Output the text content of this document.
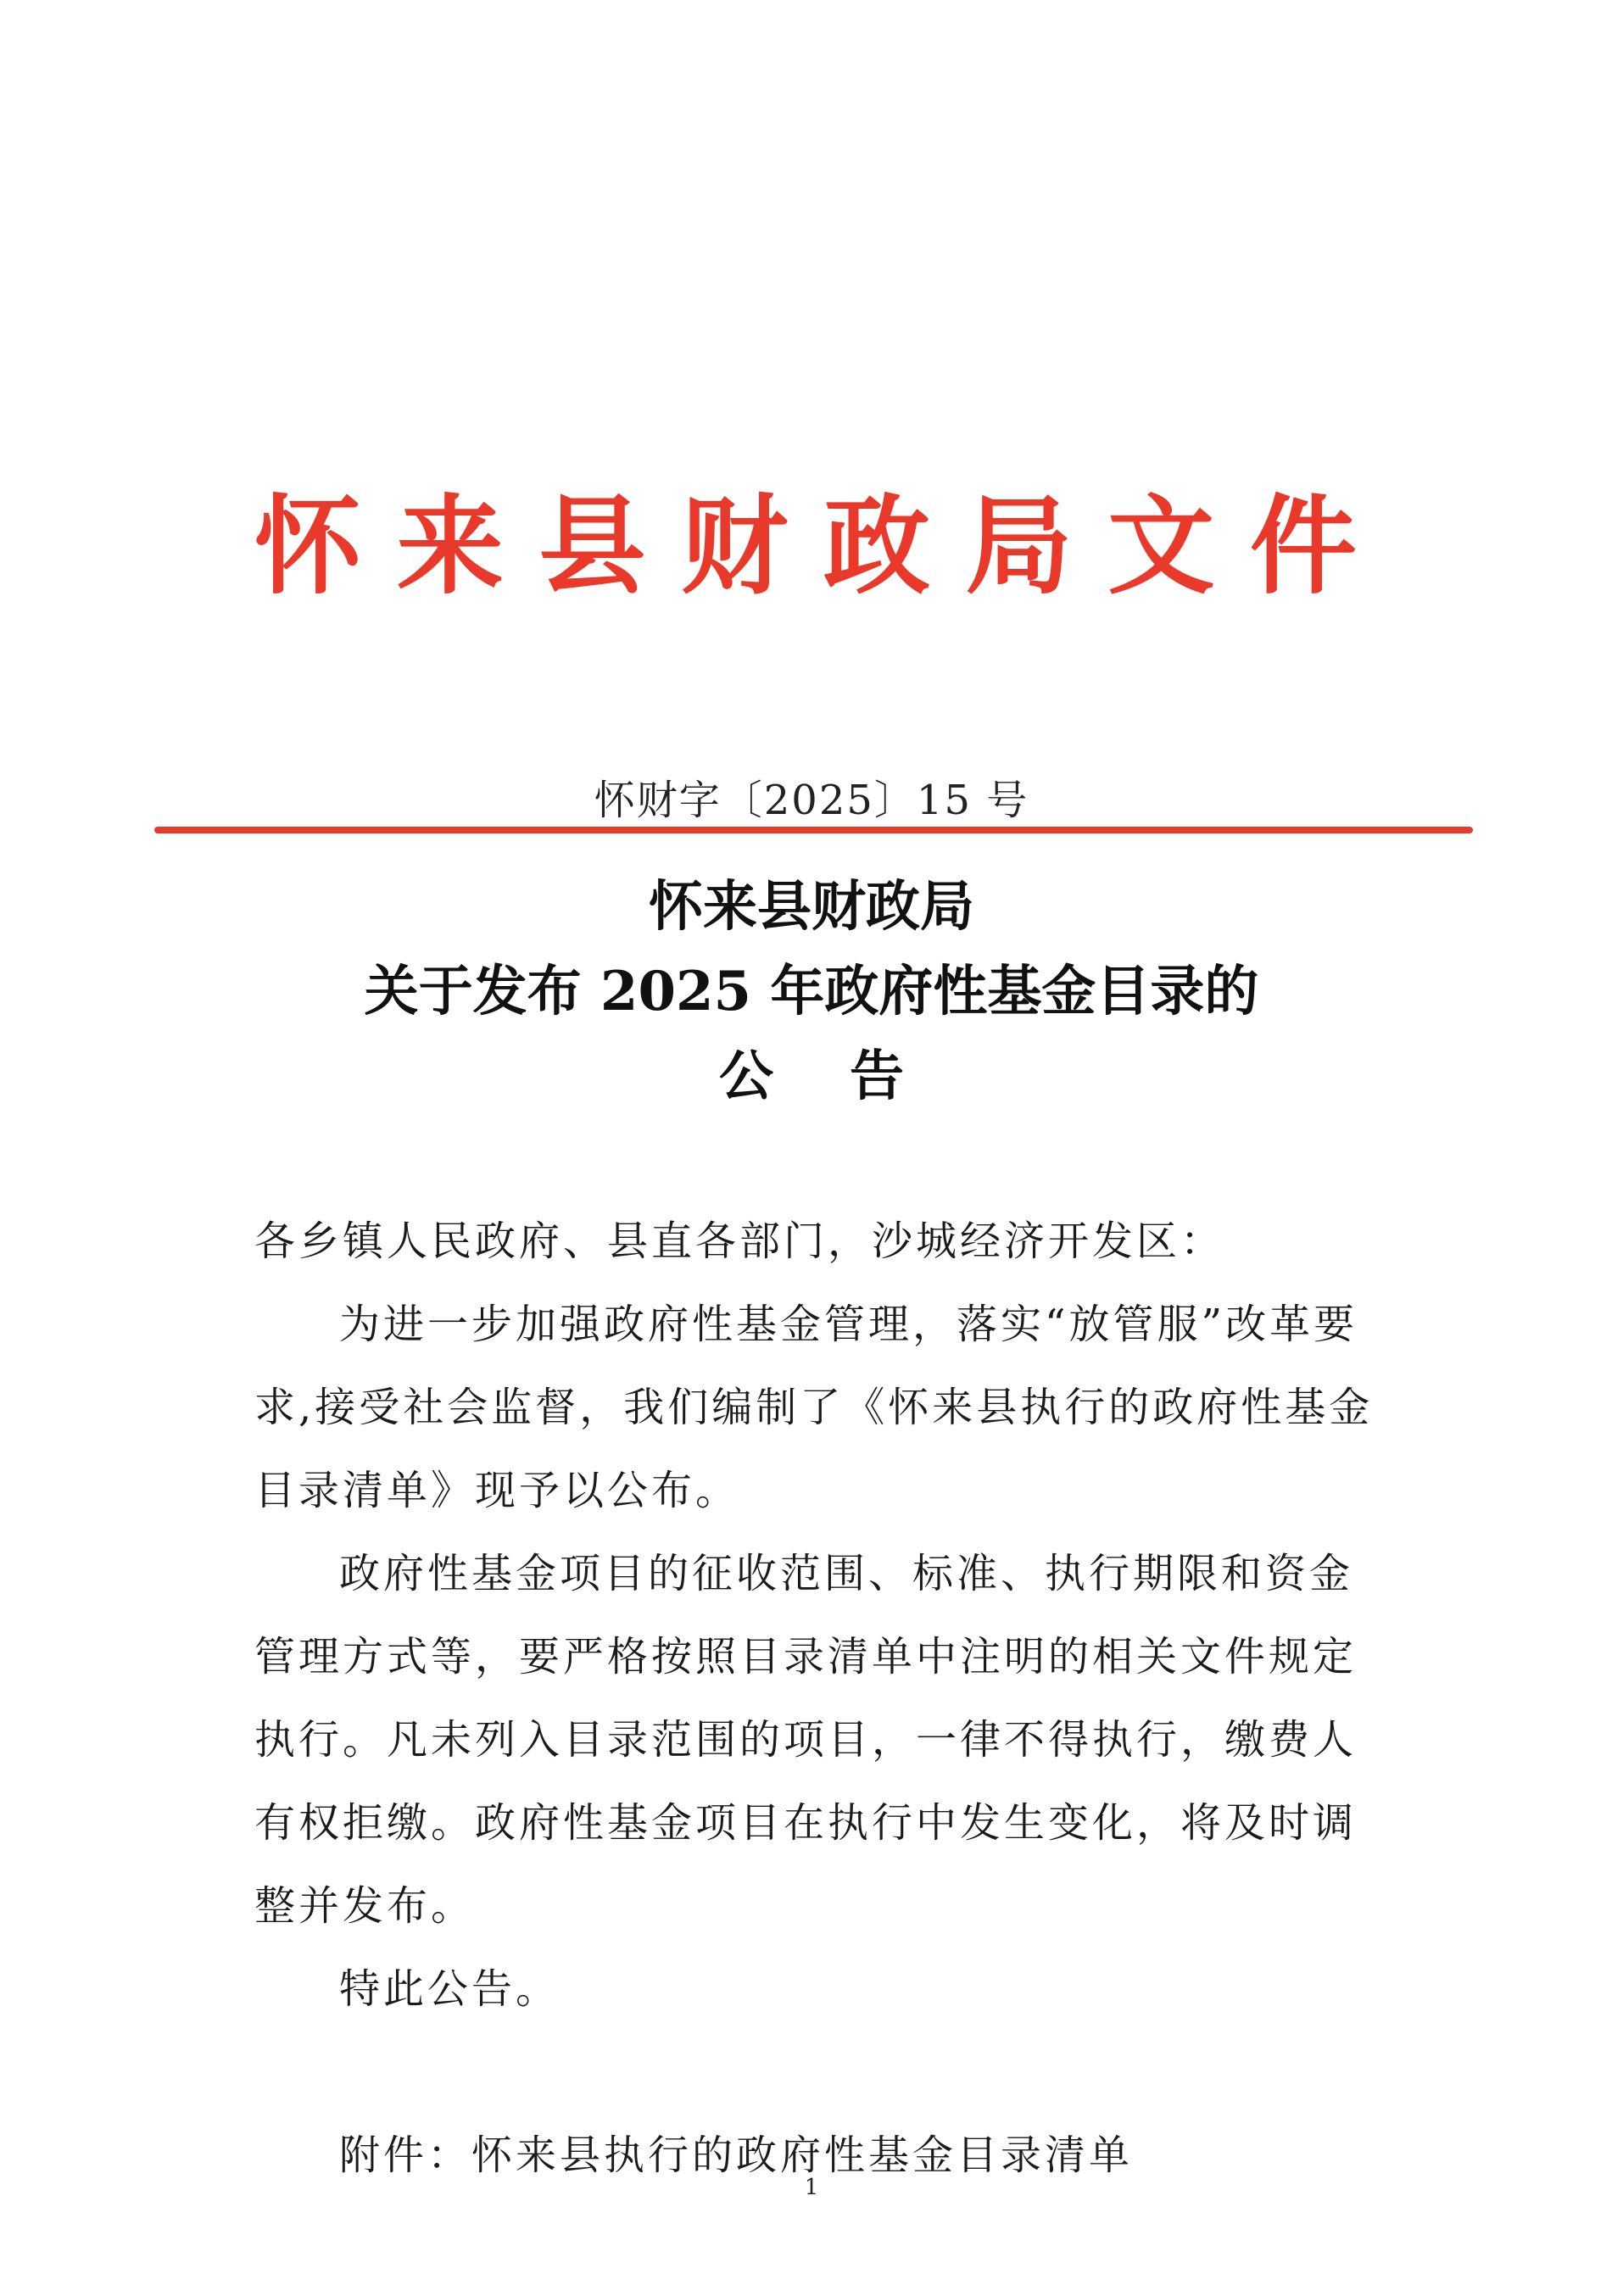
怀 来 县 财 政 局 文 件
怀财字〔2025〕15 号
怀来县财政局
关于发布 2025 年政府性基金目录的
公告

各乡镇人民政府、县直各部门，沙城经济开发区：

为进一步加强政府性基金管理，落实“放管服”改革要求,接受社会监督，我们编制了《怀来县执行的政府性基金目录清单》现予以公布。

政府性基金项目的征收范围、标准、执行期限和资金管理方式等，要严格按照目录清单中注明的相关文件规定执行。凡未列入目录范围的项目，一律不得执行，缴费人有权拒缴。政府性基金项目在执行中发生变化，将及时调整并发布。

特此公告。

附件：怀来县执行的政府性基金目录清单

1
